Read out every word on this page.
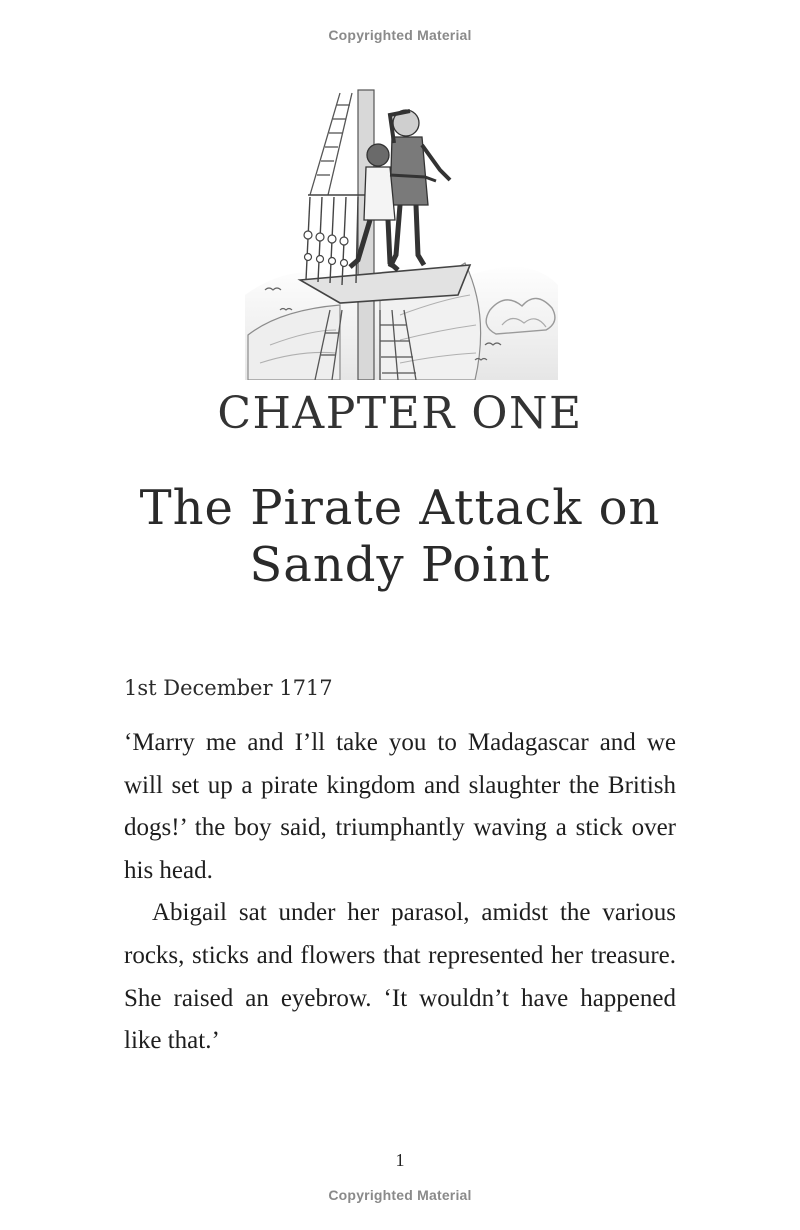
Copyrighted Material
CHAPTER ONE
The Pirate Attack on
Sandy Point
1st December 1717

‘Marry me and I’ll take you to Madagascar and we will set up a pirate kingdom and slaughter the British dogs!’ the boy said, triumphantly waving a stick over his head.

Abigail sat under her parasol, amidst the various rocks, sticks and flowers that represented her treasure. She raised an eyebrow. ‘It wouldn’t have happened like that.’

1
Copyrighted Material
